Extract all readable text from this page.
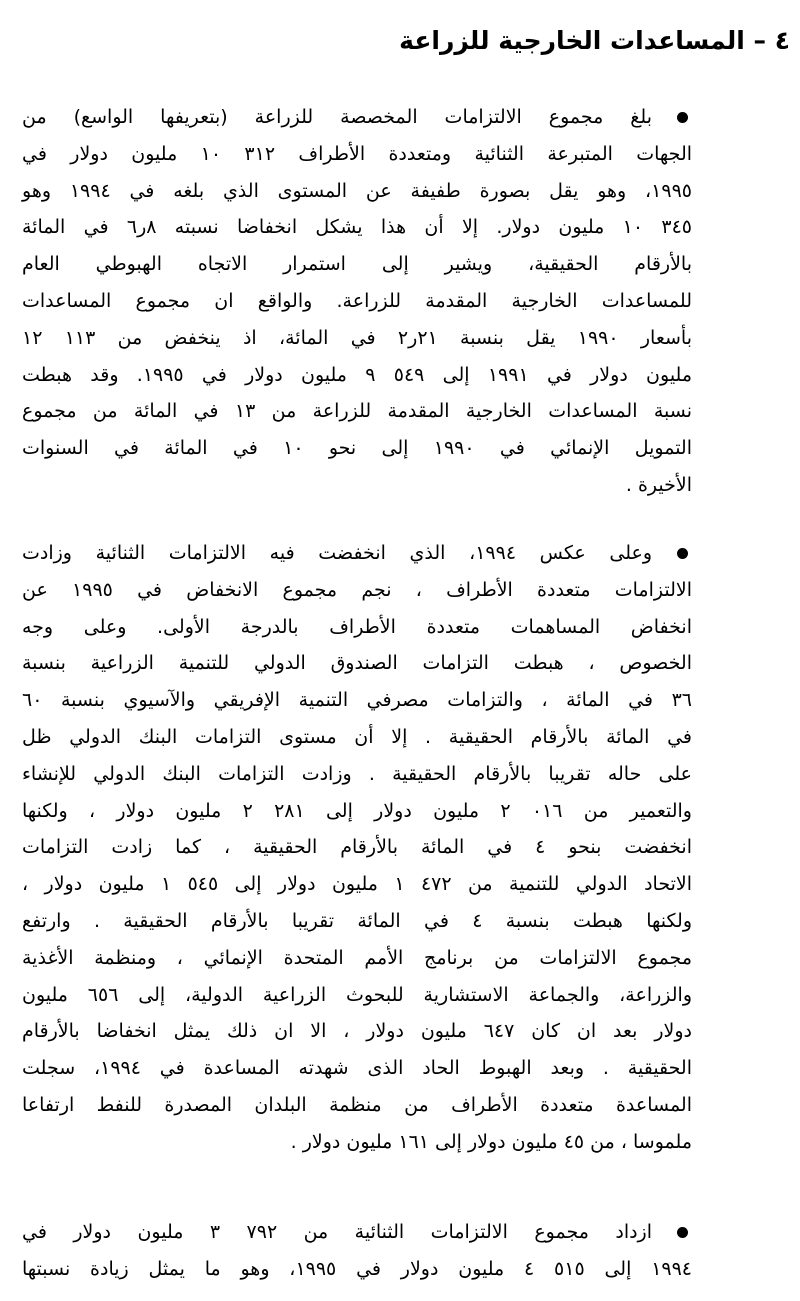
٤ – المساعدات الخارجية للزراعة
بلغ مجموع الالتزامات المخصصة للزراعة (بتعريفها الواسع) من
الجهات المتبرعة الثنائية ومتعددة الأطراف ٣١٢ ١٠ مليون دولار في
١٩٩٥، وهو يقل بصورة طفيفة عن المستوى الذي بلغه في ١٩٩٤ وهو
٣٤٥ ١٠ مليون دولار. إلا أن هذا يشكل انخفاضا نسبته ٨ر٦ في المائة
بالأرقام الحقيقية، ويشير إلى استمرار الاتجاه الهبوطي العام
للمساعدات الخارجية المقدمة للزراعة. والواقع ان مجموع المساعدات
بأسعار ١٩٩٠ يقل بنسبة ٢١ر٢ في المائة، اذ ينخفض من ١١٣ ١٢
مليون دولار في ١٩٩١ إلى ٥٤٩ ٩ مليون دولار في ١٩٩٥. وقد هبطت
نسبة المساعدات الخارجية المقدمة للزراعة من ١٣ في المائة من مجموع
التمويل الإنمائي في ١٩٩٠ إلى نحو ١٠ في المائة في السنوات
الأخيرة .
وعلى عكس ١٩٩٤، الذي انخفضت فيه الالتزامات الثنائية وزادت
الالتزامات متعددة الأطراف ، نجم مجموع الانخفاض في ١٩٩٥ عن
انخفاض المساهمات متعددة الأطراف بالدرجة الأولى. وعلى وجه
الخصوص ، هبطت التزامات الصندوق الدولي للتنمية الزراعية بنسبة
٣٦ في المائة ، والتزامات مصرفي التنمية الإفريقي والآسيوي بنسبة ٦٠
في المائة بالأرقام الحقيقية . إلا أن مستوى التزامات البنك الدولي ظل
على حاله تقريبا بالأرقام الحقيقية . وزادت التزامات البنك الدولي للإنشاء
والتعمير من ٠١٦ ٢ مليون دولار إلى ٢٨١ ٢ مليون دولار ، ولكنها
انخفضت بنحو ٤ في المائة بالأرقام الحقيقية ، كما زادت التزامات
الاتحاد الدولي للتنمية من ٤٧٢ ١ مليون دولار إلى ٥٤٥ ١ مليون دولار ،
ولكنها هبطت بنسبة ٤ في المائة تقريبا بالأرقام الحقيقية . وارتفع
مجموع الالتزامات من برنامج الأمم المتحدة الإنمائي ، ومنظمة الأغذية
والزراعة، والجماعة الاستشارية للبحوث الزراعية الدولية، إلى ٦٥٦ مليون
دولار بعد ان كان ٦٤٧ مليون دولار ، الا ان ذلك يمثل انخفاضا بالأرقام
الحقيقية . وبعد الهبوط الحاد الذى شهدته المساعدة في ١٩٩٤، سجلت
المساعدة متعددة الأطراف من منظمة البلدان المصدرة للنفط ارتفاعا
ملموسا ، من ٤٥ مليون دولار إلى ١٦١ مليون دولار .
ازداد مجموع الالتزامات الثنائية من ٧٩٢ ٣ مليون دولار في
١٩٩٤ إلى ٥١٥ ٤ مليون دولار في ١٩٩٥، وهو ما يمثل زيادة نسبتها
